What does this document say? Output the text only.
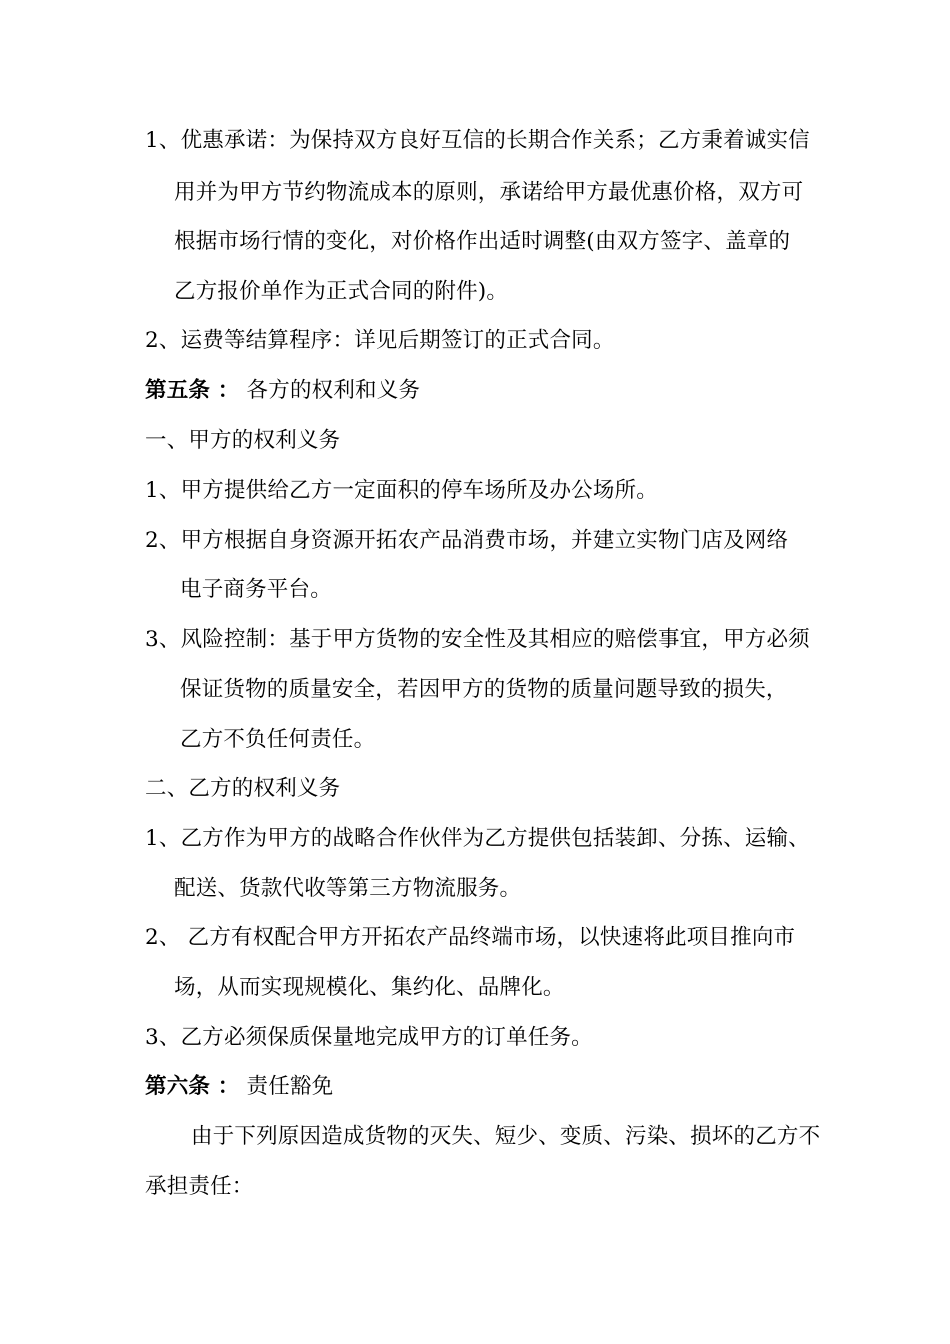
1、优惠承诺：为保持双方良好互信的长期合作关系；乙方秉着诚实信
用并为甲方节约物流成本的原则，承诺给甲方最优惠价格，双方可
根据市场行情的变化，对价格作出适时调整(由双方签字、盖章的
乙方报价单作为正式合同的附件)。
2、运费等结算程序：详见后期签订的正式合同。
第五条 ： 各方的权利和义务
一、甲方的权利义务
1、甲方提供给乙方一定面积的停车场所及办公场所。
2、甲方根据自身资源开拓农产品消费市场，并建立实物门店及网络
电子商务平台。
3、风险控制：基于甲方货物的安全性及其相应的赔偿事宜，甲方必须
保证货物的质量安全，若因甲方的货物的质量问题导致的损失，
乙方不负任何责任。
二、乙方的权利义务
1、乙方作为甲方的战略合作伙伴为乙方提供包括装卸、分拣、运输、
配送、货款代收等第三方物流服务。
2、 乙方有权配合甲方开拓农产品终端市场，以快速将此项目推向市
场，从而实现规模化、集约化、品牌化。
3、乙方必须保质保量地完成甲方的订单任务。
第六条 ： 责任豁免
由于下列原因造成货物的灭失、短少、变质、污染、损坏的乙方不
承担责任：
